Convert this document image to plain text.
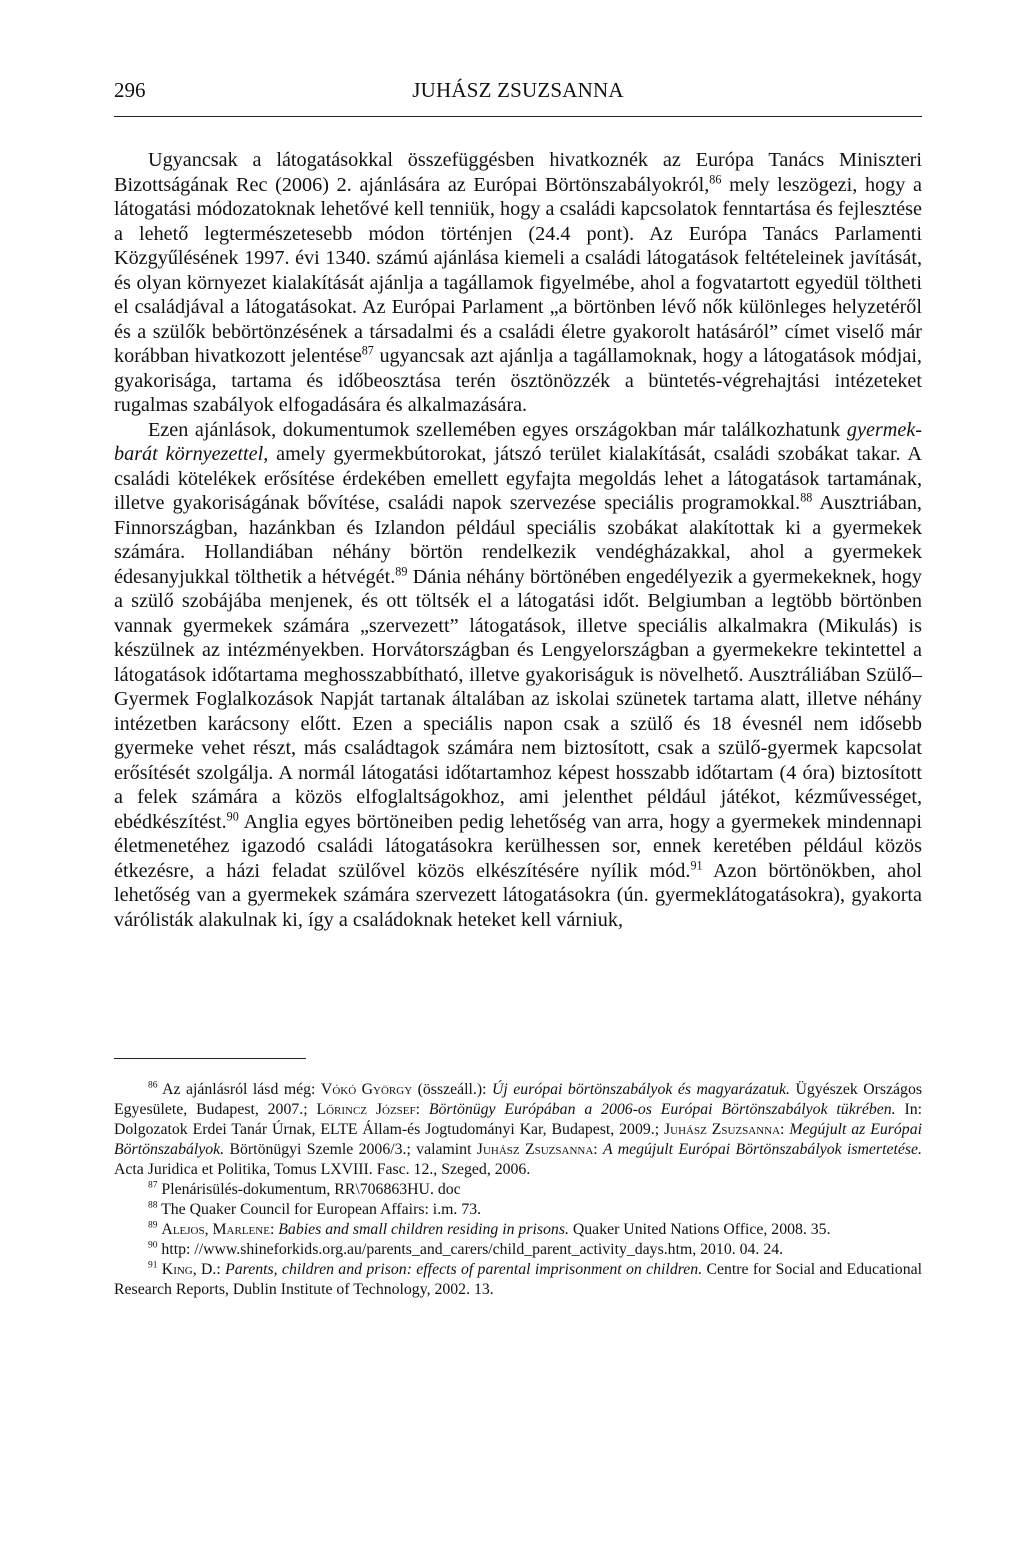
296	JUHÁSZ ZSUZSANNA

Ugyancsak a látogatásokkal összefüggésben hivatkoznék az Európa Tanács Miniszteri Bizottságának Rec (2006) 2. ajánlására az Európai Börtönszabályokról,$^{86}$ mely leszögezi, hogy a látogatási módozatoknak lehetővé kell tenniük, hogy a családi kapcsolatok fenntartása és fejlesztése a lehető legtermészetesebb módon történjen (24.4 pont). Az Európa Tanács Parlamenti Közgyűlésének 1997. évi 1340. számú ajánlása kiemeli a családi látogatások feltételeinek javítását, és olyan környezet kialakítását ajánlja a tagállamok figyelmébe, ahol a fogvatartott egyedül töltheti el családjával a látogatásokat. Az Európai Parlament „a börtönben lévő nők különleges helyzetéről és a szülők bebörtönzésének a társadalmi és a családi életre gyakorolt hatásáról” címet viselő már korábban hivatkozott jelentése$^{87}$ ugyancsak azt ajánlja a tagállamoknak, hogy a látogatások módjai, gyakorisága, tartama és időbeosztása terén ösztönözzék a büntetés-végrehajtási intézeteket rugalmas szabályok elfogadására és alkalmazására.

Ezen ajánlások, dokumentumok szellemében egyes országokban már találkozhatunk gyermek-barát környezettel, amely gyermekbútorokat, játszó terület kialakítását, családi szobákat takar. A családi kötelékek erősítése érdekében emellett egyfajta megoldás lehet a látogatások tartamának, illetve gyakoriságának bővítése, családi napok szervezése speciális programokkal.$^{88}$ Ausztriában, Finnországban, hazánkban és Izlandon például speciális szobákat alakítottak ki a gyermekek számára. Hollandiában néhány börtön rendelkezik vendégházakkal, ahol a gyermekek édesanyjukkal tölthetik a hétvégét.$^{89}$ Dánia néhány börtönében engedélyezik a gyermekeknek, hogy a szülő szobájába menjenek, és ott töltsék el a látogatási időt. Belgiumban a legtöbb börtönben vannak gyermekek számára „szervezett” látogatások, illetve speciális alkalmakra (Mikulás) is készülnek az intézményekben. Horvátországban és Lengyelországban a gyermekekre tekintettel a látogatások időtartama meghosszabbítható, illetve gyakoriságuk is növelhető. Ausztráliában Szülő–Gyermek Foglalkozások Napját tartanak általában az iskolai szünetek tartama alatt, illetve néhány intézetben karácsony előtt. Ezen a speciális napon csak a szülő és 18 évesnél nem idősebb gyermeke vehet részt, más családtagok számára nem biztosított, csak a szülő-gyermek kapcsolat erősítését szolgálja. A normál látogatási időtartamhoz képest hosszabb időtartam (4 óra) biztosított a felek számára a közös elfoglaltságokhoz, ami jelenthet például játékot, kézművességet, ebédkészítést.$^{90}$ Anglia egyes börtöneiben pedig lehetőség van arra, hogy a gyermekek mindennapi életmenetéhez igazodó családi látogatásokra kerülhessen sor, ennek keretében például közös étkezésre, a házi feladat szülővel közös elkészítésére nyílik mód.$^{91}$ Azon börtönökben, ahol lehetőség van a gyermekek számára szervezett látogatásokra (ún. gyermeklátogatásokra), gyakorta várólisták alakulnak ki, így a családoknak heteket kell várniuk,

$^{86}$ Az ajánlásról lásd még: Vókó György (összeáll.): Új európai börtönszabályok és magyarázatuk. Ügyészek Országos Egyesülete, Budapest, 2007.; Lőrincz József: Börtönügy Európában a 2006-os Európai Börtönszabályok tükrében. In: Dolgozatok Erdei Tanár Úrnak, ELTE Állam-és Jogtudományi Kar, Budapest, 2009.; Juhász Zsuzsanna: Megújult az Európai Börtönszabályok. Börtönügyi Szemle 2006/3.; valamint Juhász Zsuzsanna: A megújult Európai Börtönszabályok ismertetése. Acta Juridica et Politika, Tomus LXVIII. Fasc. 12., Szeged, 2006.

$^{87}$ Plenárisülés-dokumentum, RR\706863HU. doc

$^{88}$ The Quaker Council for European Affairs: i.m. 73.

$^{89}$ Alejos, Marlene: Babies and small children residing in prisons. Quaker United Nations Office, 2008. 35.

$^{90}$ http: //www.shineforkids.org.au/parents_and_carers/child_parent_activity_days.htm, 2010. 04. 24.

$^{91}$ King, D.: Parents, children and prison: effects of parental imprisonment on children. Centre for Social and Educational Research Reports, Dublin Institute of Technology, 2002. 13.
